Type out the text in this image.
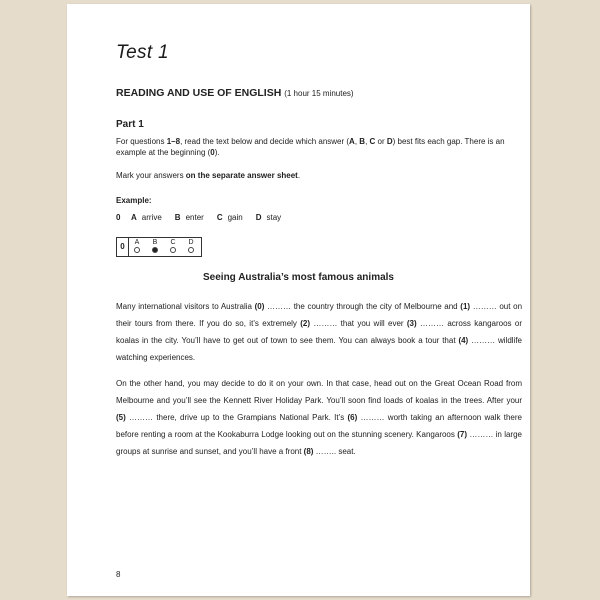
Test 1
READING AND USE OF ENGLISH (1 hour 15 minutes)
Part 1
For questions 1–8, read the text below and decide which answer (A, B, C or D) best fits each gap. There is an example at the beginning (0).
Mark your answers on the separate answer sheet.
Example:
0 A arrive B enter C gain D stay
0	A	B	C	D
Seeing Australia’s most famous animals
Many international visitors to Australia (0) ……… the country through the city of Melbourne and (1) ……… out on their tours from there. If you do so, it’s extremely (2) ……… that you will ever (3) ……… across kangaroos or koalas in the city. You’ll have to get out of town to see them. You can always book a tour that (4) ……… wildlife watching experiences.
On the other hand, you may decide to do it on your own. In that case, head out on the Great Ocean Road from Melbourne and you’ll see the Kennett River Holiday Park. You’ll soon find loads of koalas in the trees. After your (5) ……… there, drive up to the Grampians National Park. It’s (6) ……… worth taking an afternoon walk there before renting a room at the Kookaburra Lodge looking out on the stunning scenery. Kangaroos (7) ……… in large groups at sunrise and sunset, and you’ll have a front (8) …….. seat.
8
